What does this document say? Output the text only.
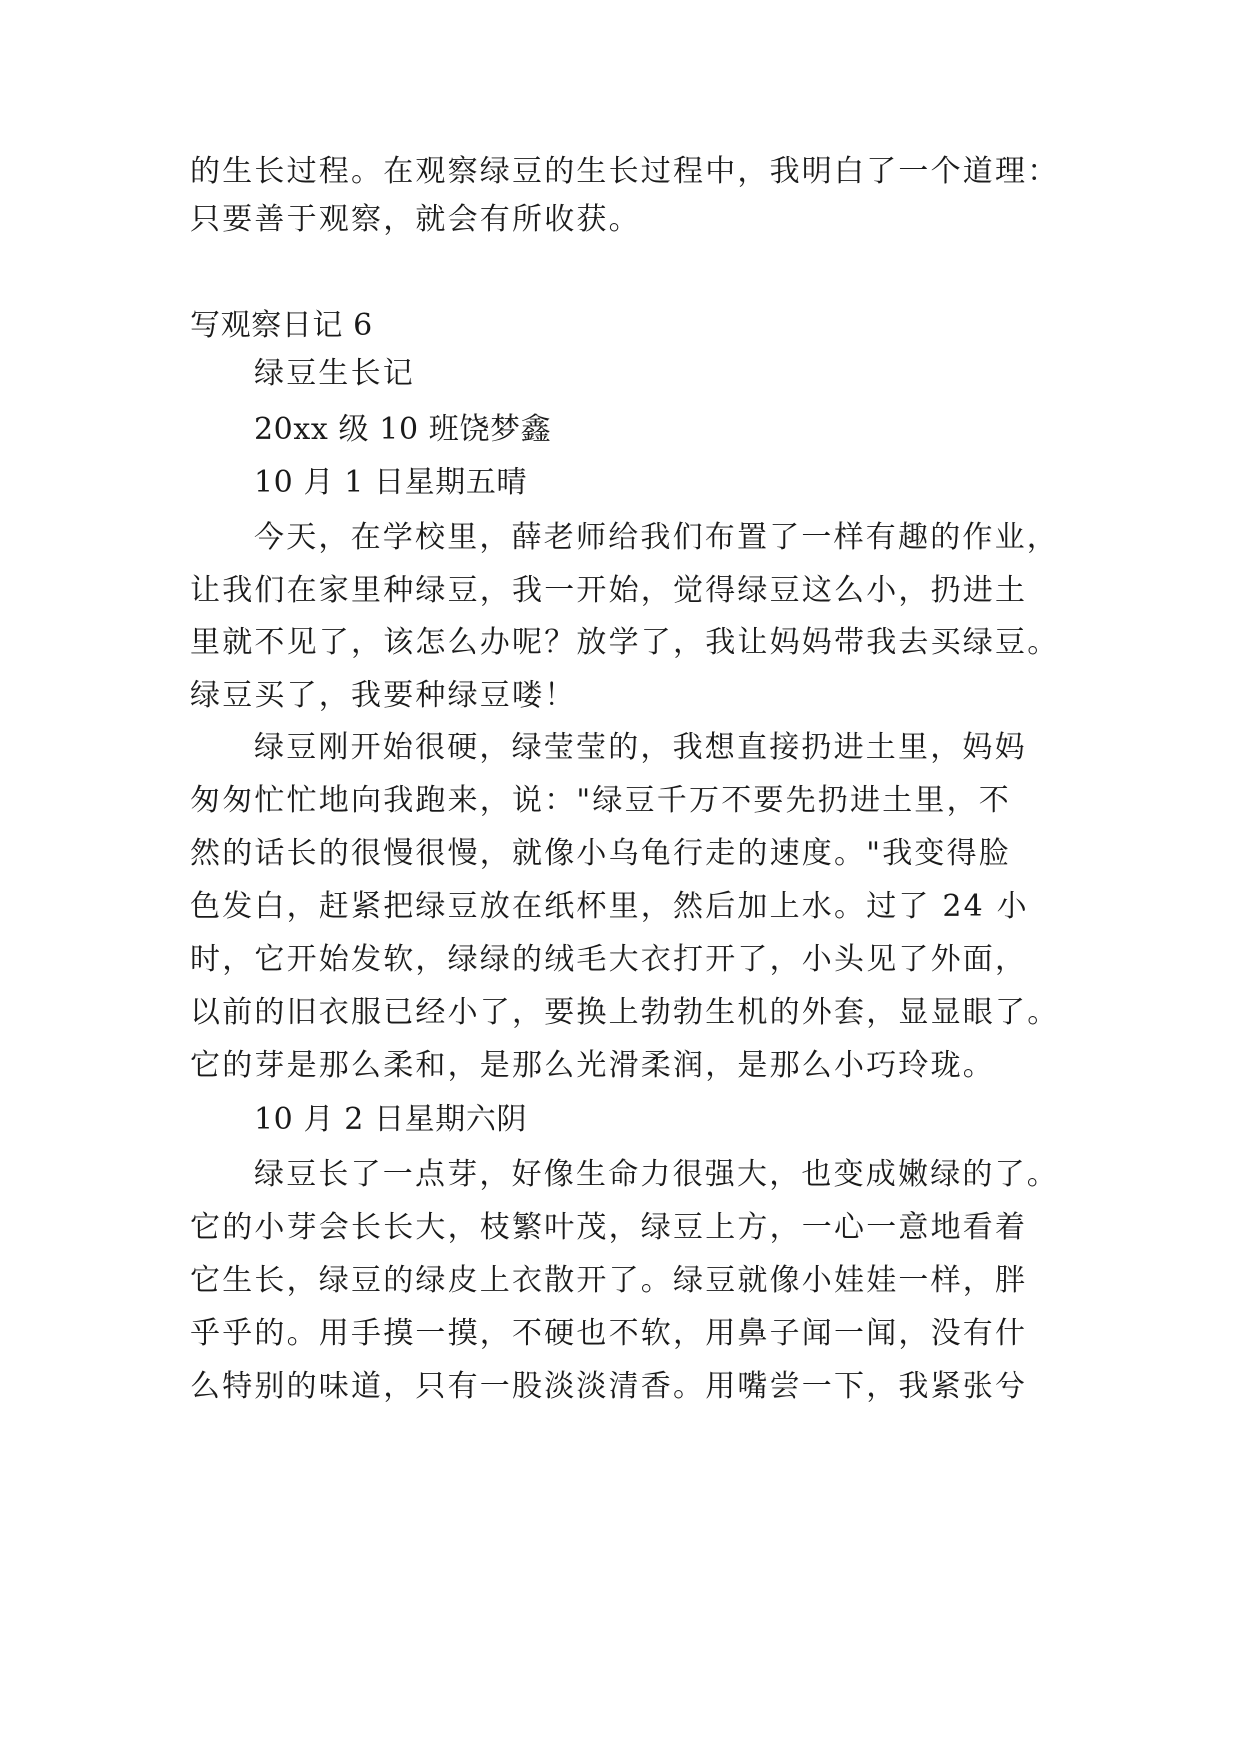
的生长过程。在观察绿豆的生长过程中，我明白了一个道理：
只要善于观察，就会有所收获。
写观察日记 6
绿豆生长记
20xx 级 10 班饶梦鑫
10 月 1 日星期五晴
今天，在学校里，薛老师给我们布置了一样有趣的作业，
让我们在家里种绿豆，我一开始，觉得绿豆这么小，扔进土
里就不见了，该怎么办呢？放学了，我让妈妈带我去买绿豆。
绿豆买了，我要种绿豆喽！
绿豆刚开始很硬，绿莹莹的，我想直接扔进土里，妈妈
匆匆忙忙地向我跑来，说："绿豆千万不要先扔进土里，不
然的话长的很慢很慢，就像小乌龟行走的速度。"我变得脸
色发白，赶紧把绿豆放在纸杯里，然后加上水。过了 24 小
时，它开始发软，绿绿的绒毛大衣打开了，小头见了外面，
以前的旧衣服已经小了，要换上勃勃生机的外套，显显眼了。
它的芽是那么柔和，是那么光滑柔润，是那么小巧玲珑。
10 月 2 日星期六阴
绿豆长了一点芽，好像生命力很强大，也变成嫩绿的了。
它的小芽会长长大，枝繁叶茂，绿豆上方，一心一意地看着
它生长，绿豆的绿皮上衣散开了。绿豆就像小娃娃一样，胖
乎乎的。用手摸一摸，不硬也不软，用鼻子闻一闻，没有什
么特别的味道，只有一股淡淡清香。用嘴尝一下，我紧张兮
